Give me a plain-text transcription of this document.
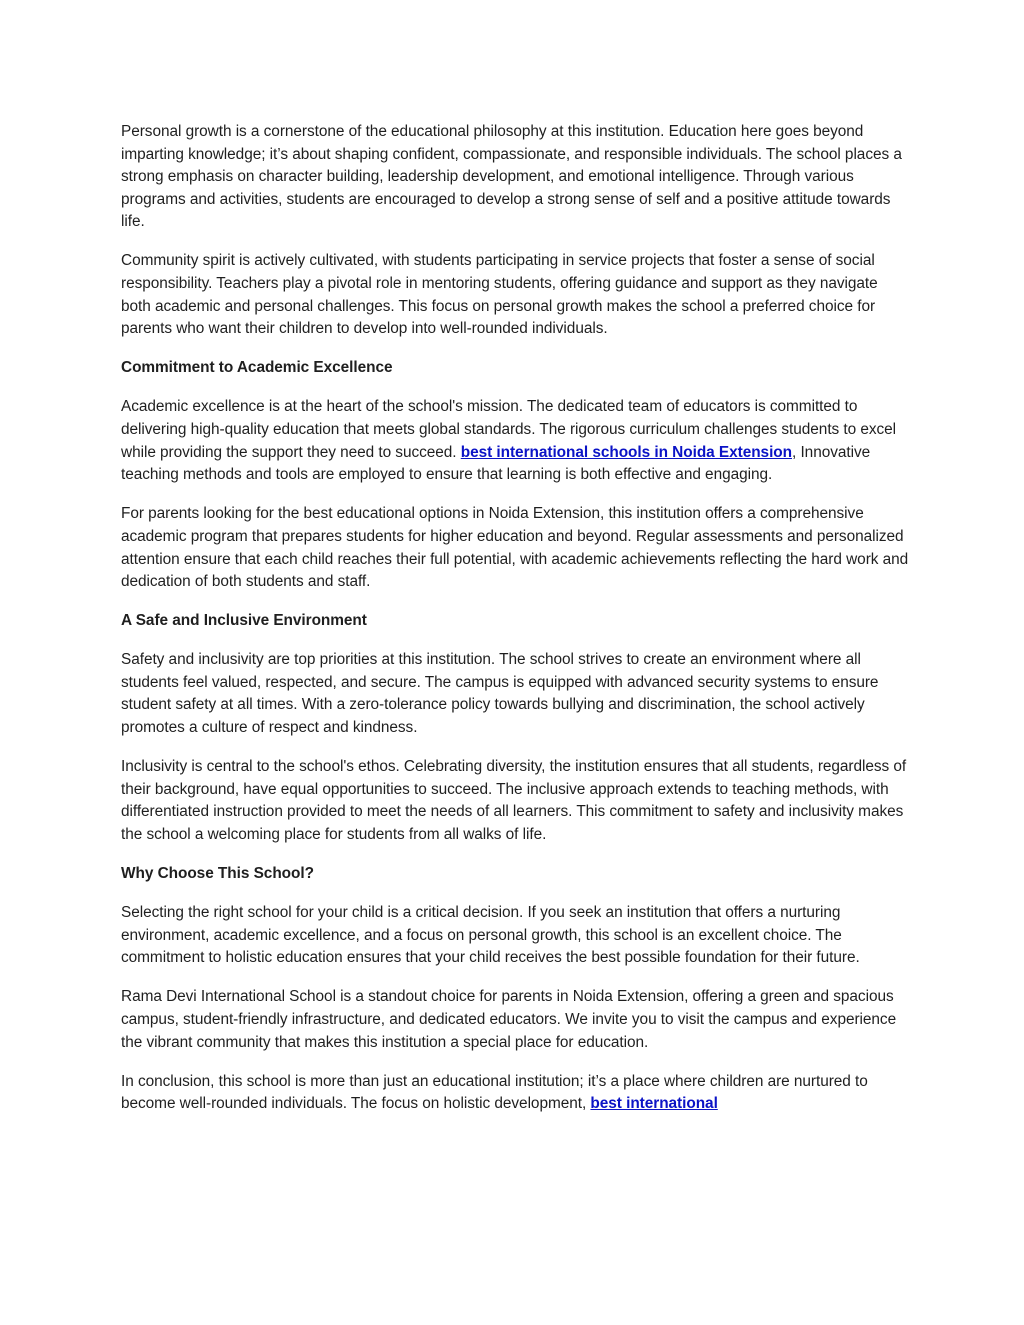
Personal growth is a cornerstone of the educational philosophy at this institution. Education here goes beyond imparting knowledge; it’s about shaping confident, compassionate, and responsible individuals. The school places a strong emphasis on character building, leadership development, and emotional intelligence. Through various programs and activities, students are encouraged to develop a strong sense of self and a positive attitude towards life.

Community spirit is actively cultivated, with students participating in service projects that foster a sense of social responsibility. Teachers play a pivotal role in mentoring students, offering guidance and support as they navigate both academic and personal challenges. This focus on personal growth makes the school a preferred choice for parents who want their children to develop into well-rounded individuals.

Commitment to Academic Excellence

Academic excellence is at the heart of the school's mission. The dedicated team of educators is committed to delivering high-quality education that meets global standards. The rigorous curriculum challenges students to excel while providing the support they need to succeed. best international schools in Noida Extension, Innovative teaching methods and tools are employed to ensure that learning is both effective and engaging.

For parents looking for the best educational options in Noida Extension, this institution offers a comprehensive academic program that prepares students for higher education and beyond. Regular assessments and personalized attention ensure that each child reaches their full potential, with academic achievements reflecting the hard work and dedication of both students and staff.

A Safe and Inclusive Environment

Safety and inclusivity are top priorities at this institution. The school strives to create an environment where all students feel valued, respected, and secure. The campus is equipped with advanced security systems to ensure student safety at all times. With a zero-tolerance policy towards bullying and discrimination, the school actively promotes a culture of respect and kindness.

Inclusivity is central to the school's ethos. Celebrating diversity, the institution ensures that all students, regardless of their background, have equal opportunities to succeed. The inclusive approach extends to teaching methods, with differentiated instruction provided to meet the needs of all learners. This commitment to safety and inclusivity makes the school a welcoming place for students from all walks of life.

Why Choose This School?

Selecting the right school for your child is a critical decision. If you seek an institution that offers a nurturing environment, academic excellence, and a focus on personal growth, this school is an excellent choice. The commitment to holistic education ensures that your child receives the best possible foundation for their future.

Rama Devi International School is a standout choice for parents in Noida Extension, offering a green and spacious campus, student-friendly infrastructure, and dedicated educators. We invite you to visit the campus and experience the vibrant community that makes this institution a special place for education.

In conclusion, this school is more than just an educational institution; it’s a place where children are nurtured to become well-rounded individuals. The focus on holistic development, best international
